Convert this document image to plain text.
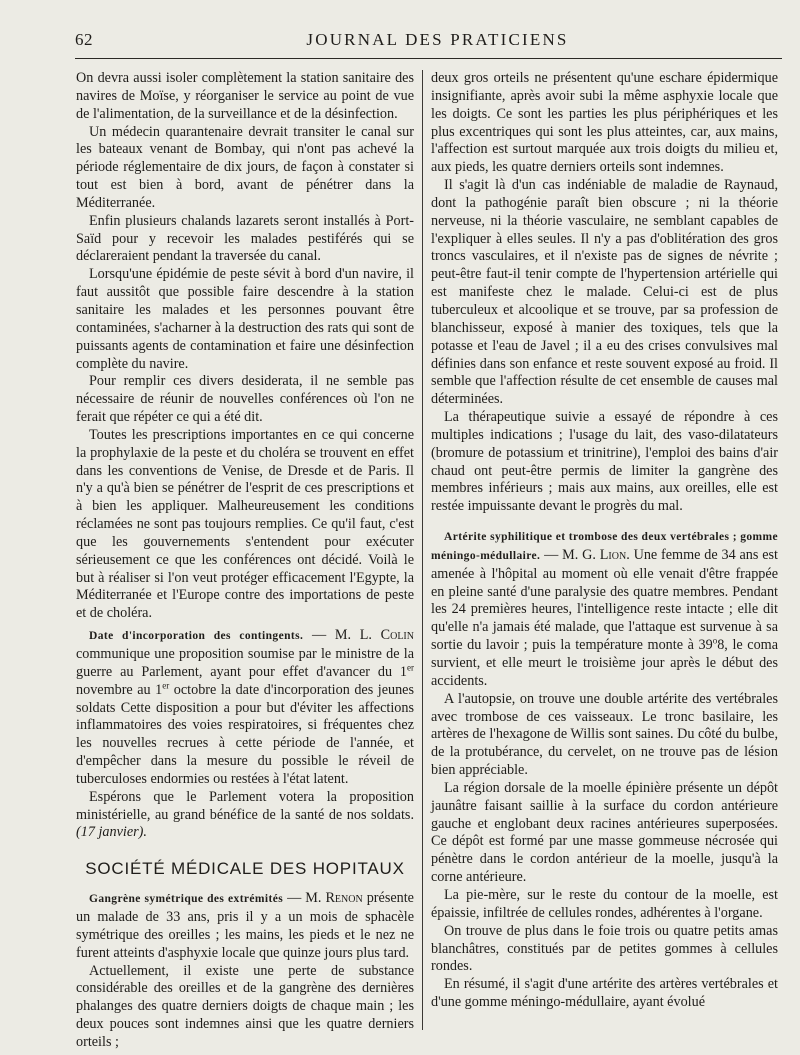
62	JOURNAL DES PRATICIENS

On devra aussi isoler complètement la station sanitaire des navires de Moïse, y réorganiser le service au point de vue de l'alimentation, de la surveillance et de la désinfection.

Un médecin quarantenaire devrait transiter le canal sur les bateaux venant de Bombay, qui n'ont pas achevé la période réglementaire de dix jours, de façon à constater si tout est bien à bord, avant de pénétrer dans la Méditerranée.

Enfin plusieurs chalands lazarets seront installés à Port-Saïd pour y recevoir les malades pestiférés qui se déclareraient pendant la traversée du canal.

Lorsqu'une épidémie de peste sévit à bord d'un navire, il faut aussitôt que possible faire descendre à la station sanitaire les malades et les personnes pouvant être contaminées, s'acharner à la destruction des rats qui sont de puissants agents de contamination et faire une désinfection complète du navire.

Pour remplir ces divers desiderata, il ne semble pas nécessaire de réunir de nouvelles conférences où l'on ne ferait que répéter ce qui a été dit.

Toutes les prescriptions importantes en ce qui concerne la prophylaxie de la peste et du choléra se trouvent en effet dans les conventions de Venise, de Dresde et de Paris. Il n'y a qu'à bien se pénétrer de l'esprit de ces prescriptions et à bien les appliquer. Malheureusement les conditions réclamées ne sont pas toujours remplies. Ce qu'il faut, c'est que les gouvernements s'entendent pour exécuter sérieusement ce que les conférences ont décidé. Voilà le but à réaliser si l'on veut protéger efficacement l'Egypte, la Méditerranée et l'Europe contre des importations de peste et de choléra.

Date d'incorporation des contingents. — M. L. Colin communique une proposition soumise par le ministre de la guerre au Parlement, ayant pour effet d'avancer du 1er novembre au 1er octobre la date d'incorporation des jeunes soldats Cette disposition a pour but d'éviter les affections inflammatoires des voies respiratoires, si fréquentes chez les nouvelles recrues à cette période de l'année, et d'empêcher dans la mesure du possible le réveil de tuberculoses endormies ou restées à l'état latent.

Espérons que le Parlement votera la proposition ministérielle, au grand bénéfice de la santé de nos soldats. (17 janvier).

SOCIÉTÉ MÉDICALE DES HOPITAUX

Gangrène symétrique des extrémités — M. Renon présente un malade de 33 ans, pris il y a un mois de sphacèle symétrique des oreilles ; les mains, les pieds et le nez ne furent atteints d'asphyxie locale que quinze jours plus tard.

Actuellement, il existe une perte de substance considérable des oreilles et de la gangrène des dernières phalanges des quatre derniers doigts de chaque main ; les deux pouces sont indemnes ainsi que les quatre derniers orteils ;

deux gros orteils ne présentent qu'une eschare épidermique insignifiante, après avoir subi la même asphyxie locale que les doigts. Ce sont les parties les plus périphériques et les plus excentriques qui sont les plus atteintes, car, aux mains, l'affection est surtout marquée aux trois doigts du milieu et, aux pieds, les quatre derniers orteils sont indemnes.

Il s'agit là d'un cas indéniable de maladie de Raynaud, dont la pathogénie paraît bien obscure ; ni la théorie nerveuse, ni la théorie vasculaire, ne semblant capables de l'expliquer à elles seules. Il n'y a pas d'oblitération des gros troncs vasculaires, et il n'existe pas de signes de névrite ; peut-être faut-il tenir compte de l'hypertension artérielle qui est manifeste chez le malade. Celui-ci est de plus tuberculeux et alcoolique et se trouve, par sa profession de blanchisseur, exposé à manier des toxiques, tels que la potasse et l'eau de Javel ; il a eu des crises convulsives mal définies dans son enfance et reste souvent exposé au froid. Il semble que l'affection résulte de cet ensemble de causes mal déterminées.

La thérapeutique suivie a essayé de répondre à ces multiples indications ; l'usage du lait, des vaso-dilatateurs (bromure de potassium et trinitrine), l'emploi des bains d'air chaud ont peut-être permis de limiter la gangrène des membres inférieurs ; mais aux mains, aux oreilles, elle est restée impuissante devant le progrès du mal.

Artérite syphilitique et trombose des deux vertébrales ; gomme méningo-médullaire. — M. G. Lion. Une femme de 34 ans est amenée à l'hôpital au moment où elle venait d'être frappée en pleine santé d'une paralysie des quatre membres. Pendant les 24 premières heures, l'intelligence reste intacte ; elle dit qu'elle n'a jamais été malade, que l'attaque est survenue à sa sortie du lavoir ; puis la température monte à 39$^o$8, le coma survient, et elle meurt le troisième jour après le début des accidents.

A l'autopsie, on trouve une double artérite des vertébrales avec trombose de ces vaisseaux. Le tronc basilaire, les artères de l'hexagone de Willis sont saines. Du côté du bulbe, de la protubérance, du cervelet, on ne trouve pas de lésion bien appréciable.

La région dorsale de la moelle épinière présente un dépôt jaunâtre faisant saillie à la surface du cordon antérieure gauche et englobant deux racines antérieures superposées. Ce dépôt est formé par une masse gommeuse nécrosée qui pénètre dans le cordon antérieur de la moelle, jusqu'à la corne antérieure.

La pie-mère, sur le reste du contour de la moelle, est épaissie, infiltrée de cellules rondes, adhérentes à l'organe.

On trouve de plus dans le foie trois ou quatre petits amas blanchâtres, constitués par de petites gommes à cellules rondes.

En résumé, il s'agit d'une artérite des artères vertébrales et d'une gomme méningo-médullaire, ayant évolué
